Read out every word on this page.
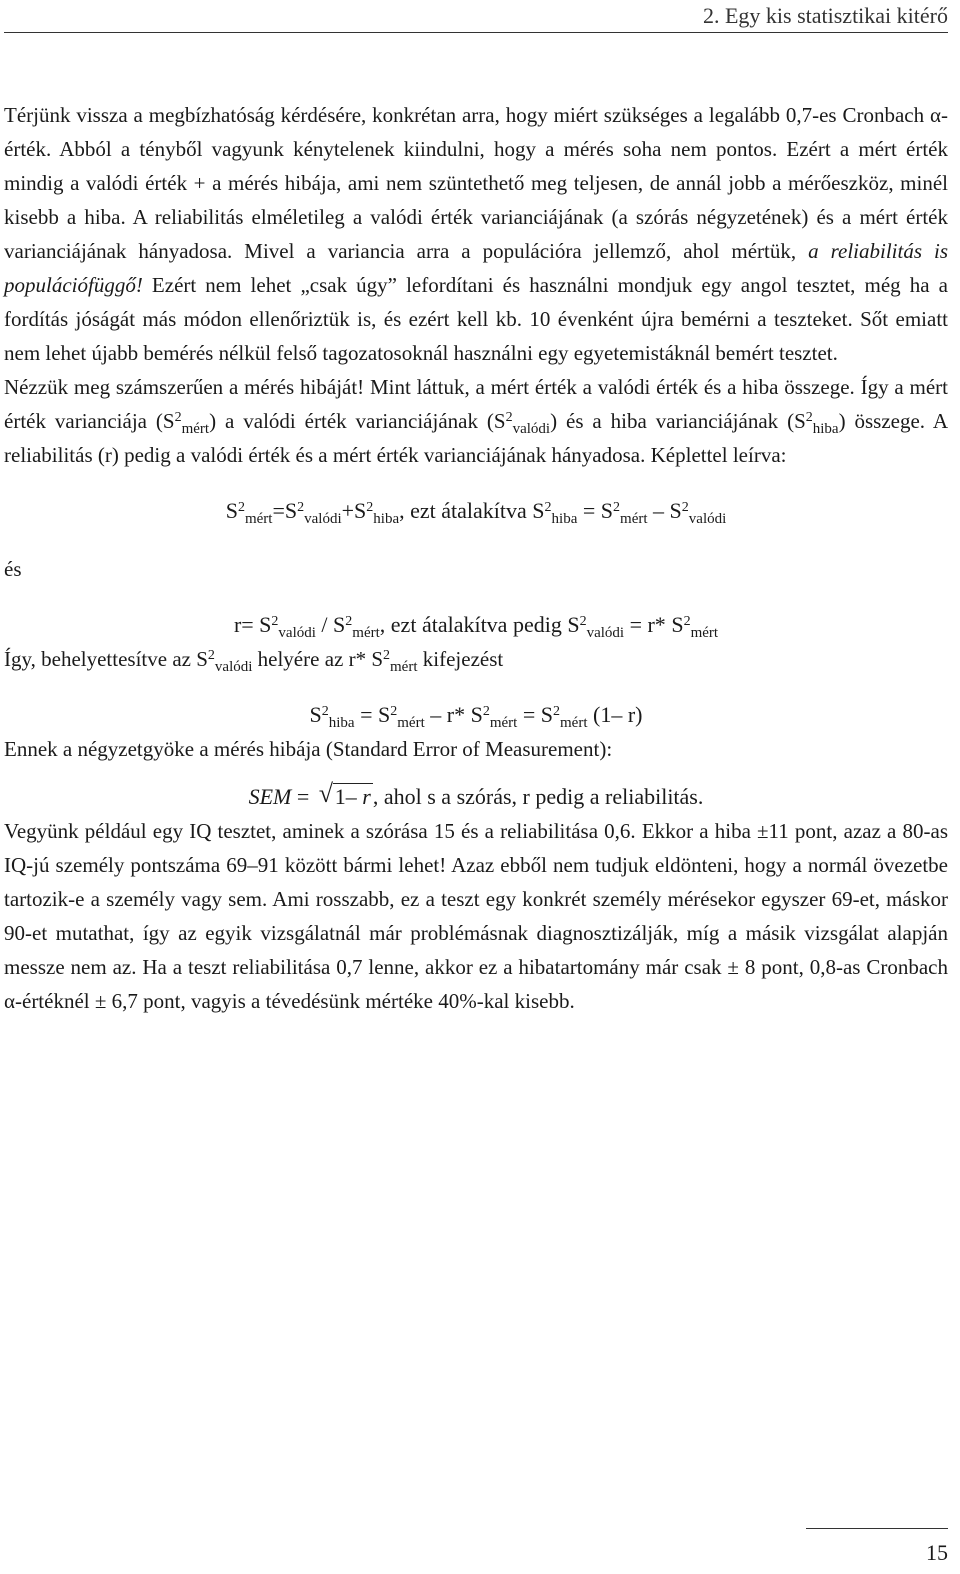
2. Egy kis statisztikai kitérő

Térjünk vissza a megbízhatóság kérdésére, konkrétan arra, hogy miért szükséges a legalább 0,7-es Cronbach α-érték. Abból a tényből vagyunk kénytelenek kiindulni, hogy a mérés soha nem pontos. Ezért a mért érték mindig a valódi érték + a mérés hibája, ami nem szüntethető meg teljesen, de annál jobb a mérőeszköz, minél kisebb a hiba. A reliabilitás elméletileg a valódi érték varianciájának (a szórás négyzetének) és a mért érték varianciájának hányadosa. Mivel a variancia arra a populációra jellemző, ahol mértük, a reliabilitás is populációfüggő! Ezért nem lehet „csak úgy” lefordítani és használni mondjuk egy angol tesztet, még ha a fordítás jóságát más módon ellenőriztük is, és ezért kell kb. 10 évenként újra bemérni a teszteket. Sőt emiatt nem lehet újabb bemérés nélkül felső tagozatosoknál használni egy egyetemistáknál bemért tesztet.

Nézzük meg számszerűen a mérés hibáját! Mint láttuk, a mért érték a valódi érték és a hiba összege. Így a mért érték varianciája $(S^2_{mért})$ a valódi érték varianciájának $(S^2_{valódi})$ és a hiba varianciájának $(S^2_{hiba})$ összege. A reliabilitás (r) pedig a valódi érték és a mért érték varianciájának hányadosa. Képlettel leírva:

$S^2_{mért}=S^2_{valódi}+S^2_{hiba}$, ezt átalakítva $S^2_{hiba} = S^2_{mért} - S^2_{valódi}$
és
$r= S^2_{valódi} / S^2_{mért}$, ezt átalakítva pedig $S^2_{valódi} = r*$ $S^2_{mért}$

Így, behelyettesítve az $S^2_{valódi}$ helyére az r* $S^2_{mért}$ kifejezést

$S^2_{hiba} = S^2_{mért} - r*$ $S^2_{mért} = S^2_{mért}$ (1– r)

Ennek a négyzetgyöke a mérés hibája (Standard Error of Measurement):

SEM = √ 1– r, ahol s a szórás, r pedig a reliabilitás.

Vegyünk például egy IQ tesztet, aminek a szórása 15 és a reliabilitása 0,6. Ekkor a hiba ±11 pont, azaz a 80-as IQ-jú személy pontszáma 69–91 között bármi lehet! Azaz ebből nem tudjuk eldönteni, hogy a normál övezetbe tartozik-e a személy vagy sem. Ami rosszabb, ez a teszt egy konkrét személy mérésekor egyszer 69-et, máskor 90-et mutathat, így az egyik vizsgálatnál már problémásnak diagnosztizálják, míg a másik vizsgálat alapján messze nem az. Ha a teszt reliabilitása 0,7 lenne, akkor ez a hibatartomány már csak ± 8 pont, 0,8-as Cronbach α-értéknél ± 6,7 pont, vagyis a tévedésünk mértéke 40%-kal kisebb.

15
